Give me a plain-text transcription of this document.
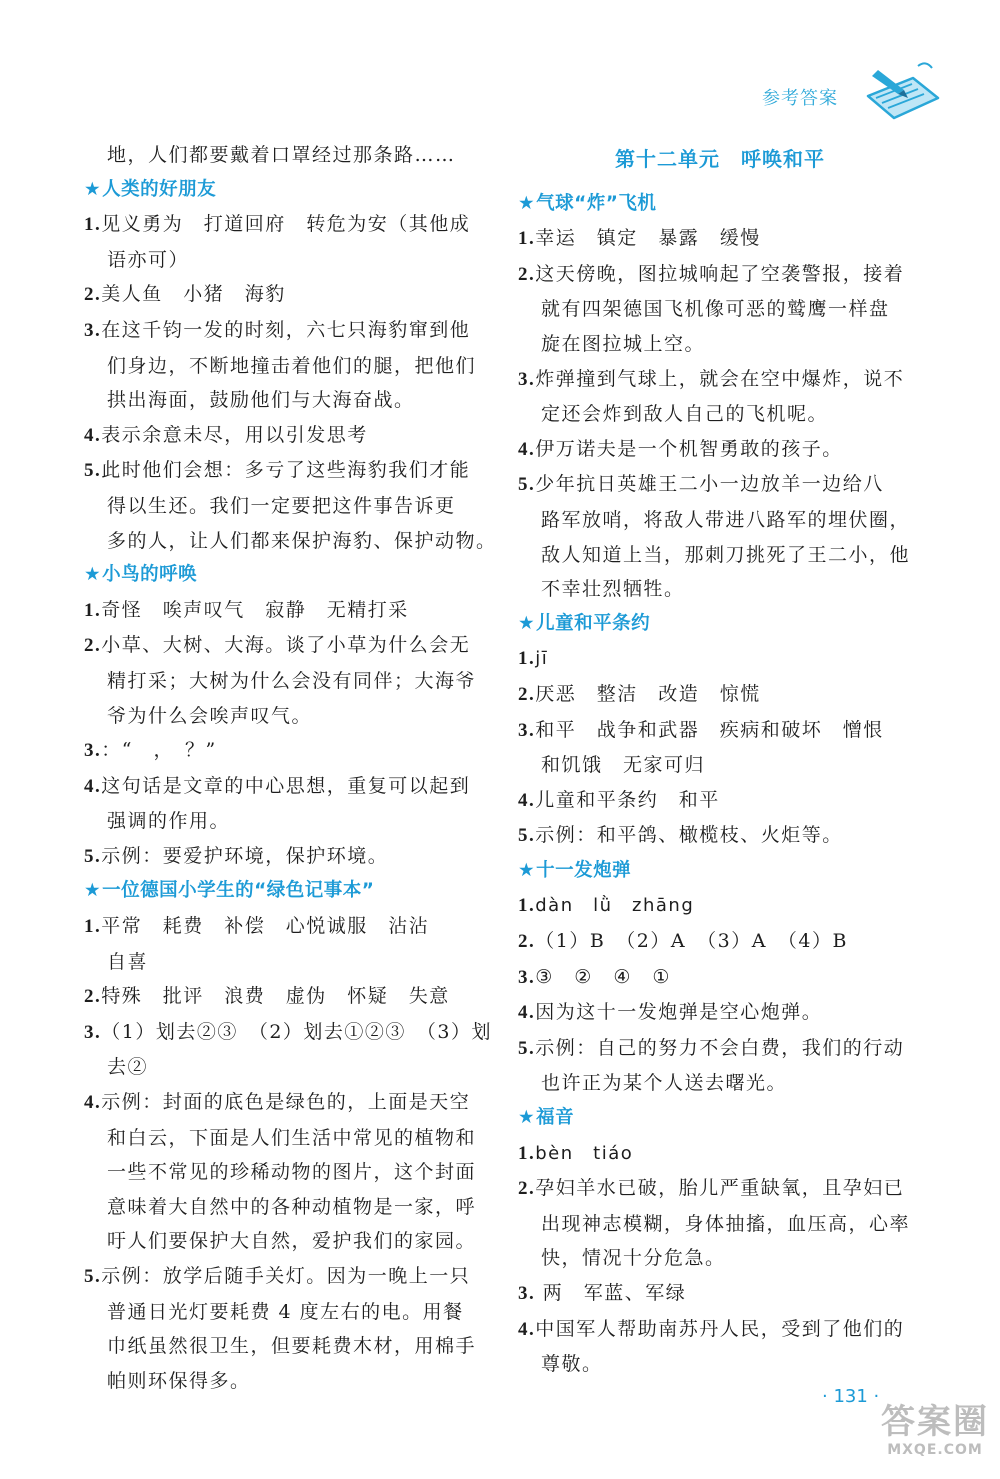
参考答案
地，人们都要戴着口罩经过那条路……
★人类的好朋友
1.见义勇为　打道回府　转危为安（其他成
语亦可）
2.美人鱼　小猪　海豹
3.在这千钧一发的时刻，六七只海豹窜到他
们身边，不断地撞击着他们的腿，把他们
拱出海面，鼓励他们与大海奋战。
4.表示余意未尽，用以引发思考
5.此时他们会想：多亏了这些海豹我们才能
得以生还。我们一定要把这件事告诉更
多的人，让人们都来保护海豹、保护动物。
★小鸟的呼唤
1.奇怪　唉声叹气　寂静　无精打采
2.小草、大树、大海。谈了小草为什么会无
精打采；大树为什么会没有同伴；大海爷
爷为什么会唉声叹气。
3.：“　，　？”
4.这句话是文章的中心思想，重复可以起到
强调的作用。
5.示例：要爱护环境，保护环境。
★一位德国小学生的“绿色记事本”
1.平常　耗费　补偿　心悦诚服　沾沾
自喜
2.特殊　批评　浪费　虚伪　怀疑　失意
3.（1）划去②③　（2）划去①②③　（3）划
去②
4.示例：封面的底色是绿色的，上面是天空
和白云，下面是人们生活中常见的植物和
一些不常见的珍稀动物的图片，这个封面
意味着大自然中的各种动植物是一家，呼
吁人们要保护大自然，爱护我们的家园。
5.示例：放学后随手关灯。因为一晚上一只
普通日光灯要耗费 4 度左右的电。用餐
巾纸虽然很卫生，但要耗费木材，用棉手
帕则环保得多。
第十二单元　呼唤和平
★气球“炸”飞机
1.幸运　镇定　暴露　缓慢
2.这天傍晚，图拉城响起了空袭警报，接着
就有四架德国飞机像可恶的鹫鹰一样盘
旋在图拉城上空。
3.炸弹撞到气球上，就会在空中爆炸，说不
定还会炸到敌人自己的飞机呢。
4.伊万诺夫是一个机智勇敢的孩子。
5.少年抗日英雄王二小一边放羊一边给八
路军放哨，将敌人带进八路军的埋伏圈，
敌人知道上当，那刺刀挑死了王二小，他
不幸壮烈牺牲。
★儿童和平条约
1.jī
2.厌恶　整洁　改造　惊慌
3.和平　战争和武器　疾病和破坏　憎恨
和饥饿　无家可归
4.儿童和平条约　和平
5.示例：和平鸽、橄榄枝、火炬等。
★十一发炮弹
1.dàn　lǜ　zhāng
2.（1）B　（2）A　（3）A　（4）B
3.③　②　④　①
4.因为这十一发炮弹是空心炮弹。
5.示例：自己的努力不会白费，我们的行动
也许正为某个人送去曙光。
★福音
1.bèn　tiáo
2.孕妇羊水已破，胎儿严重缺氧，且孕妇已
出现神志模糊，身体抽搐，血压高，心率
快，情况十分危急。
3. 两　军蓝、军绿
4.中国军人帮助南苏丹人民，受到了他们的
尊敬。
· 131 ·
答案圈
MXQE.COM
